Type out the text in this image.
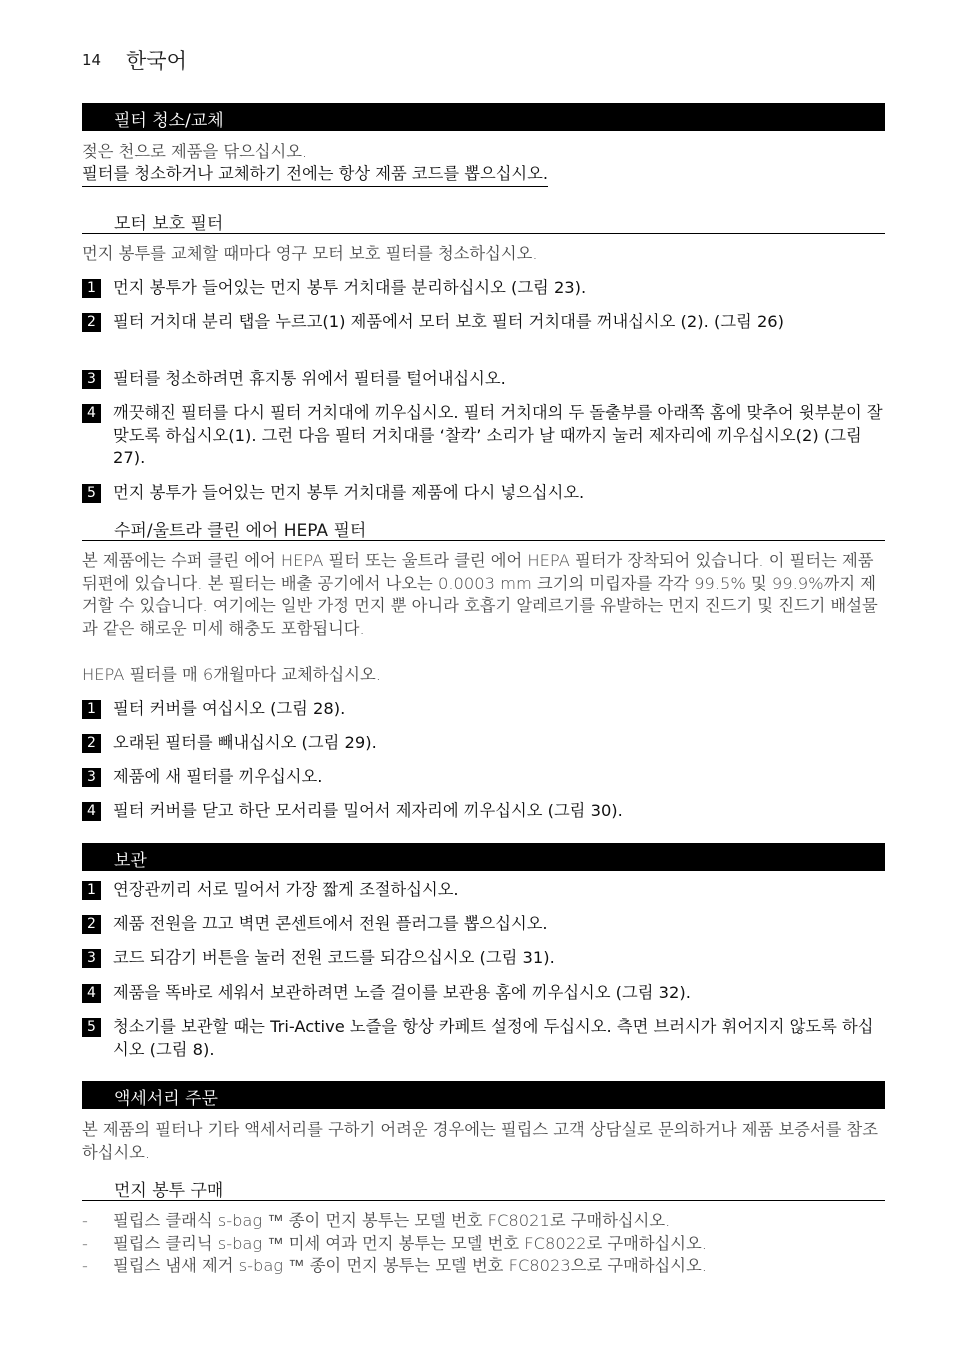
14 한국어
필터 청소/교체
젖은 천으로 제품을 닦으십시오.
필터를 청소하거나 교체하기 전에는 항상 제품 코드를 뽑으십시오.
모터 보호 필터
먼지 봉투를 교체할 때마다 영구 모터 보호 필터를 청소하십시오.
1	먼지 봉투가 들어있는 먼지 봉투 거치대를 분리하십시오 (그림 23).
2	필터 거치대 분리 탭을 누르고(1) 제품에서 모터 보호 필터 거치대를 꺼내십시오 (2). (그림 26)
3	필터를 청소하려면 휴지통 위에서 필터를 털어내십시오.
4	깨끗해진 필터를 다시 필터 거치대에 끼우십시오. 필터 거치대의 두 돌출부를 아래쪽 홈에 맞추어 윗부분이 잘 맞도록 하십시오(1). 그런 다음 필터 거치대를 ‘찰칵’ 소리가 날 때까지 눌러 제자리에 끼우십시오(2) (그림 27).
5	먼지 봉투가 들어있는 먼지 봉투 거치대를 제품에 다시 넣으십시오.
수퍼/울트라 클린 에어 HEPA 필터
본 제품에는 수퍼 클린 에어 HEPA 필터 또는 울트라 클린 에어 HEPA 필터가 장착되어 있습니다. 이 필터는 제품 뒤편에 있습니다. 본 필터는 배출 공기에서 나오는 0.0003 mm 크기의 미립자를 각각 99.5% 및 99.9%까지 제거할 수 있습니다. 여기에는 일반 가정 먼지 뿐 아니라 호흡기 알레르기를 유발하는 먼지 진드기 및 진드기 배설물과 같은 해로운 미세 해충도 포함됩니다.
HEPA 필터를 매 6개월마다 교체하십시오.
1	필터 커버를 여십시오 (그림 28).
2	오래된 필터를 빼내십시오 (그림 29).
3	제품에 새 필터를 끼우십시오.
4	필터 커버를 닫고 하단 모서리를 밀어서 제자리에 끼우십시오 (그림 30).
보관
1	연장관끼리 서로 밀어서 가장 짧게 조절하십시오.
2	제품 전원을 끄고 벽면 콘센트에서 전원 플러그를 뽑으십시오.
3	코드 되감기 버튼을 눌러 전원 코드를 되감으십시오 (그림 31).
4	제품을 똑바로 세워서 보관하려면 노즐 걸이를 보관용 홈에 끼우십시오 (그림 32).
5	청소기를 보관할 때는 Tri-Active 노즐을 항상 카페트 설정에 두십시오. 측면 브러시가 휘어지지 않도록 하십시오 (그림 8).
액세서리 주문
본 제품의 필터나 기타 액세서리를 구하기 어려운 경우에는 필립스 고객 상담실로 문의하거나 제품 보증서를 참조하십시오.
먼지 봉투 구매
- 필립스 클래식 s-bag ™ 종이 먼지 봉투는 모델 번호 FC8021로 구매하십시오.
- 필립스 클리닉 s-bag ™ 미세 여과 먼지 봉투는 모델 번호 FC8022로 구매하십시오.
- 필립스 냄새 제거 s-bag ™ 종이 먼지 봉투는 모델 번호 FC8023으로 구매하십시오.
